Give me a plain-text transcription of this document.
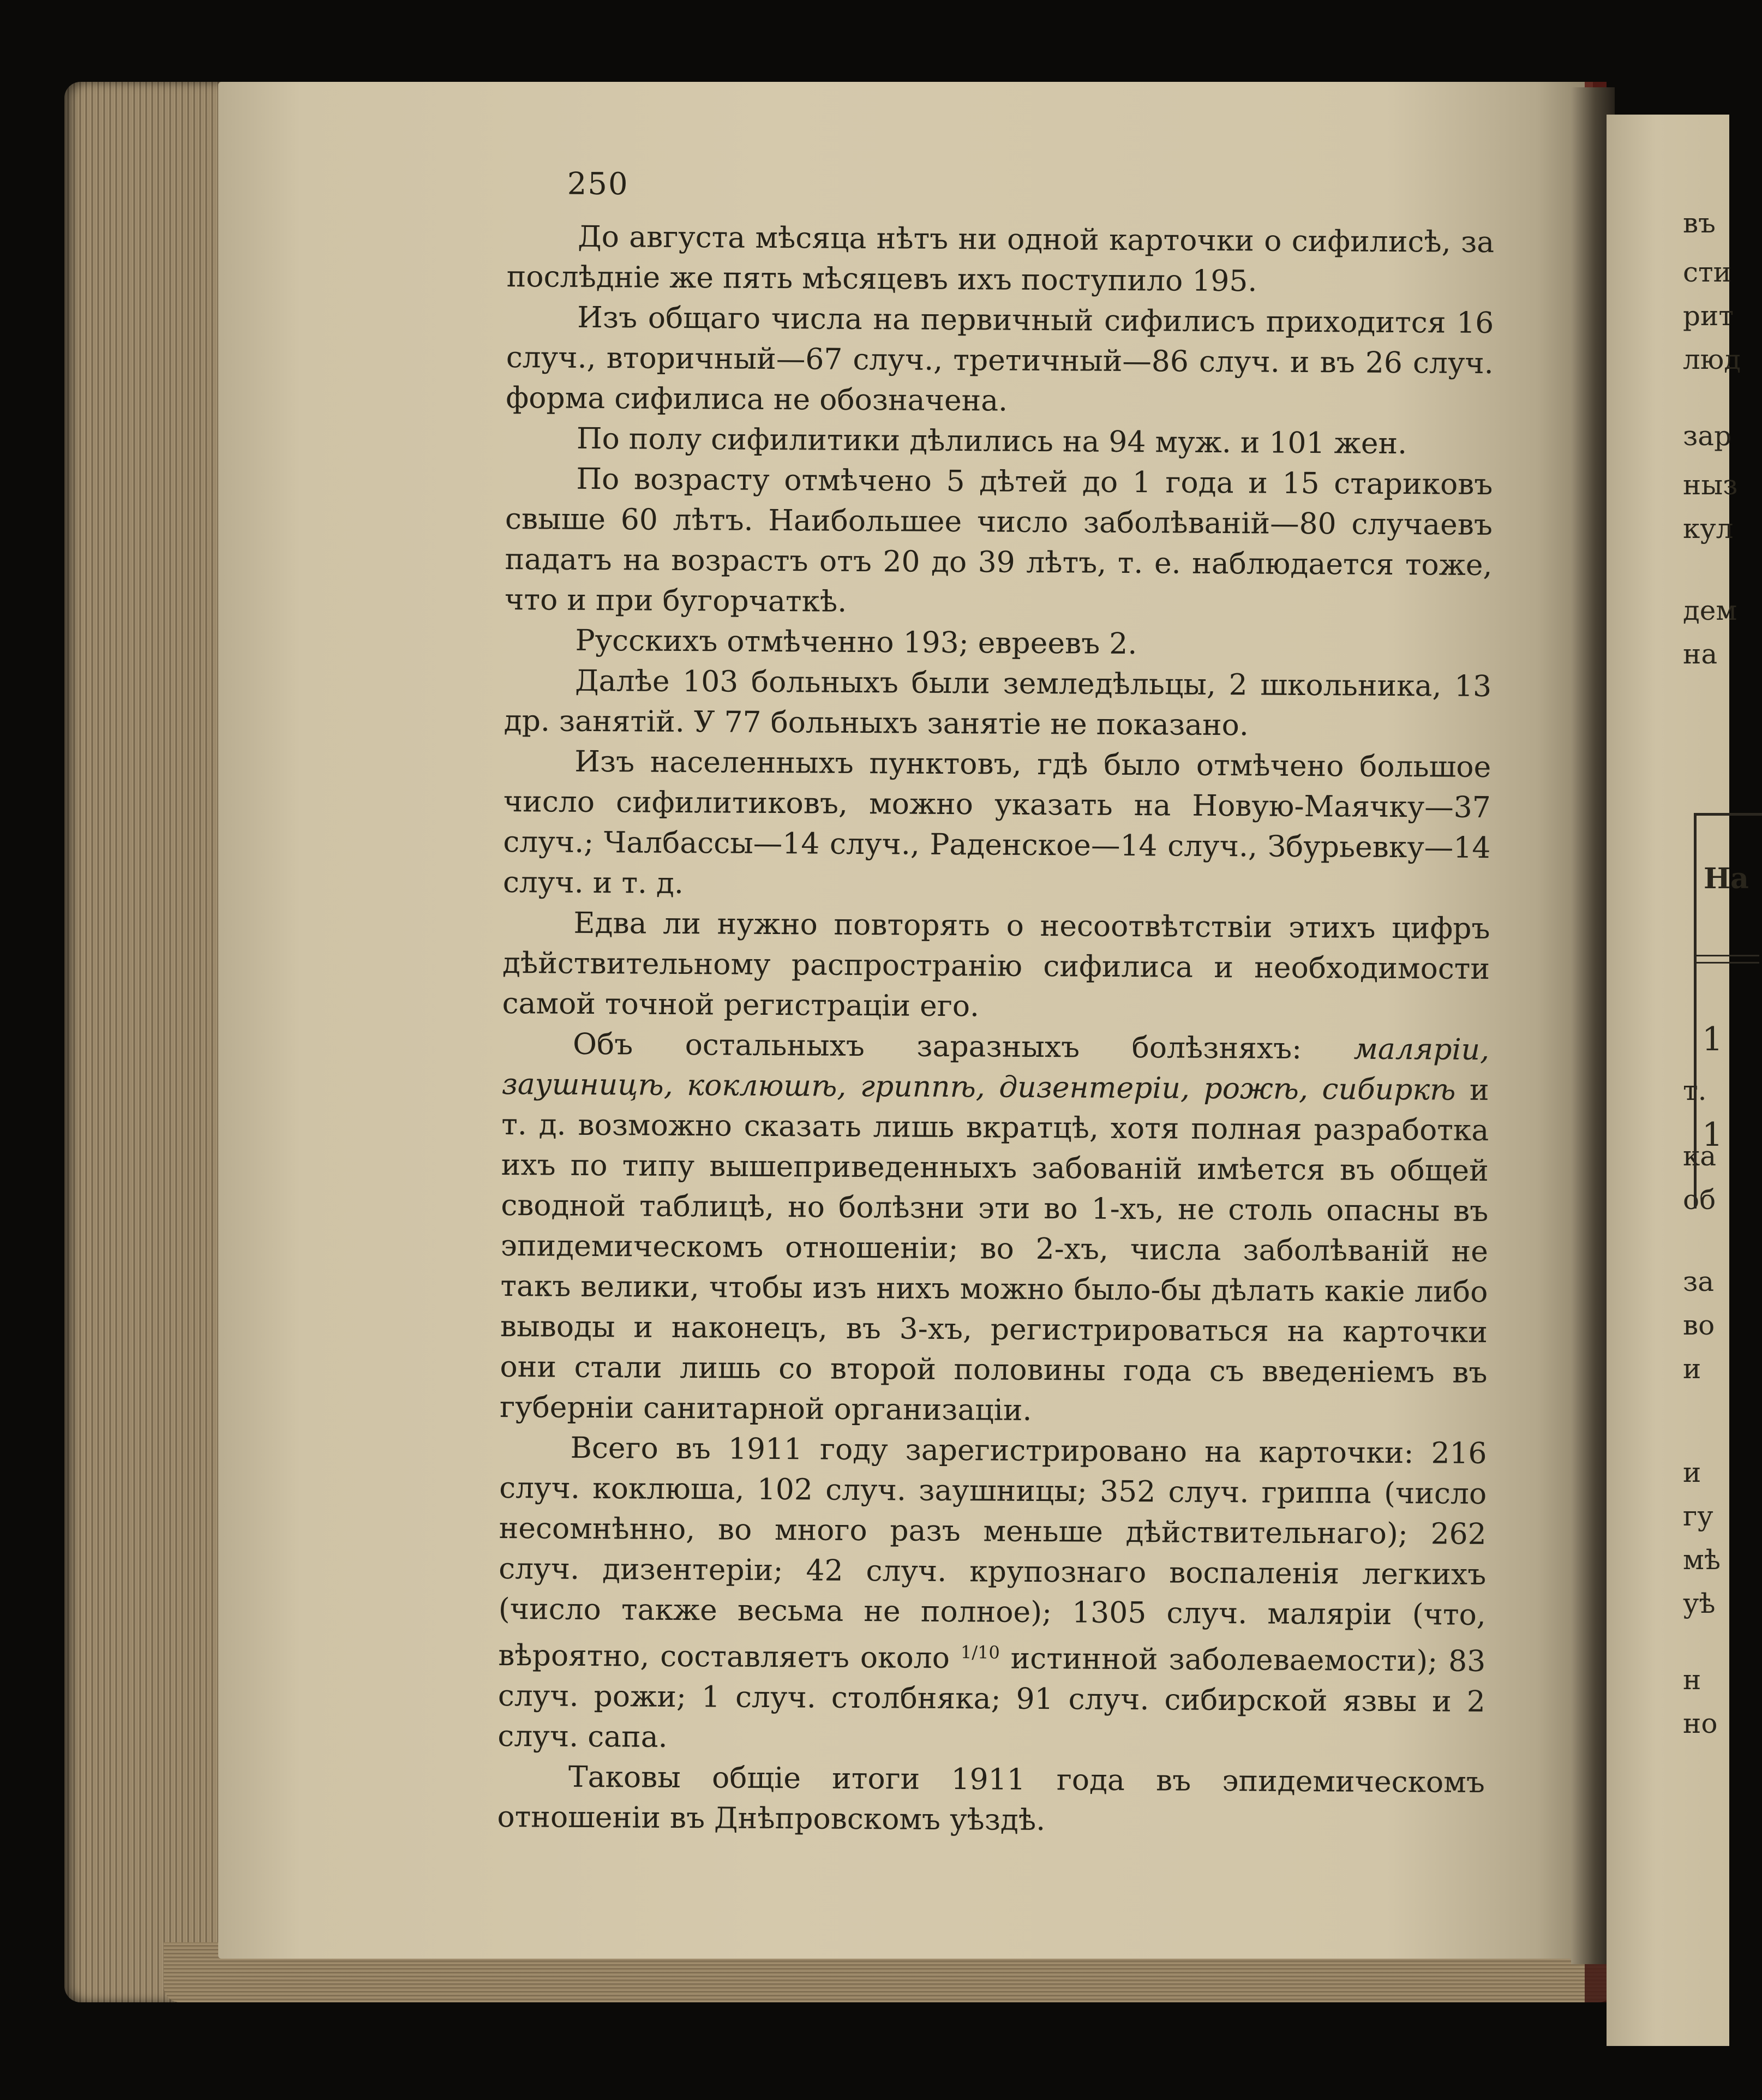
въ
сти
рит
люд
зар
ныз
кул
дем
на
т.
ка
об
за
во
и
и
гу
мѣ
уѣ
н
но
На
1
1
250

До августа мѣсяца нѣтъ ни одной карточки о сифилисѣ, за послѣдніе же пять мѣсяцевъ ихъ поступило 195.

Изъ общаго числа на первичный сифилисъ приходится 16 случ., вторичный—67 случ., третичный—86 случ. и въ 26 случ. форма сифилиса не обозначена.

По полу сифилитики дѣлились на 94 муж. и 101 жен.

По возрасту отмѣчено 5 дѣтей до 1 года и 15 стариковъ свыше 60 лѣтъ. Наибольшее число заболѣваній—80 случаевъ падатъ на возрастъ отъ 20 до 39 лѣтъ, т. е. наблюдается тоже, что и при бугорчаткѣ.

Русскихъ отмѣченно 193; евреевъ 2.

Далѣе 103 больныхъ были земледѣльцы, 2 школьника, 13 др. занятій. У 77 больныхъ занятіе не показано.

Изъ населенныхъ пунктовъ, гдѣ было отмѣчено большое число сифилитиковъ, можно указать на Новую-Маячку—37 случ.; Чалбассы—14 случ., Раденское—14 случ., Збурьевку—14 случ. и т. д.

Едва ли нужно повторять о несоотвѣтствіи этихъ цифръ дѣйствительному распространію сифилиса и необходимости самой точной регистраціи его.

Объ остальныхъ заразныхъ болѣзняхъ: маляріи, заушницѣ, коклюшѣ, гриппѣ, дизентеріи, рожѣ, сибиркѣ и т. д. возможно сказать лишь вкратцѣ, хотя полная разработка ихъ по типу вышеприведенныхъ забованій имѣется въ общей сводной таблицѣ, но болѣзни эти во 1-хъ, не столь опасны въ эпидемическомъ отношеніи; во 2-хъ, числа заболѣваній не такъ велики, чтобы изъ нихъ можно было-бы дѣлать какіе либо выводы и наконецъ, въ 3-хъ, регистрироваться на карточки они стали лишь со второй половины года съ введеніемъ въ губерніи санитарной организаціи.

Всего въ 1911 году зарегистрировано на карточки: 216 случ. коклюша, 102 случ. заушницы; 352 случ. гриппа (число несомнѣнно, во много разъ меньше дѣйствительнаго); 262 случ. дизентеріи; 42 случ. крупознаго воспаленія легкихъ (число также весьма не полное); 1305 случ. маляріи (что, вѣроятно, составляетъ около $^{1/10}$ истинной заболеваемости); 83 случ. рожи; 1 случ. столбняка; 91 случ. сибирской язвы и 2 случ. сапа.

Таковы общіе итоги 1911 года въ эпидемическомъ отношеніи въ Днѣпровскомъ уѣздѣ.
